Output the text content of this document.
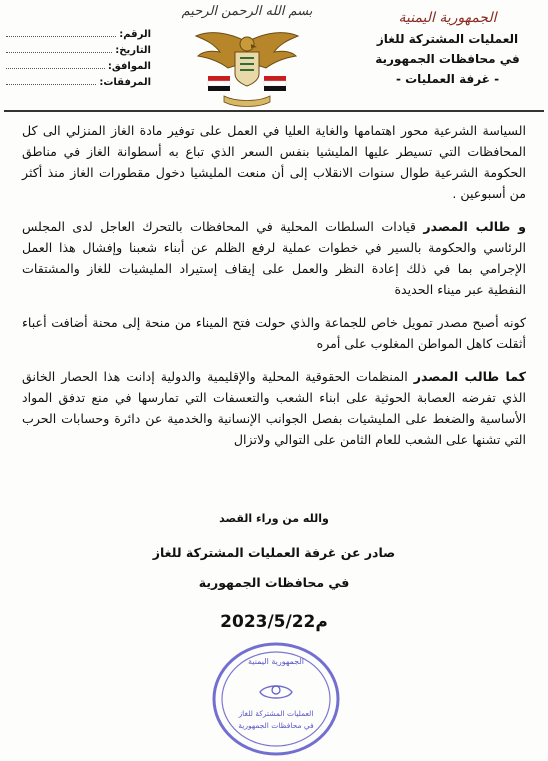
الجمهورية اليمنية
العمليات المشتركة للغاز
في محافظات الجمهورية
- غرفة العمليات -
بسم الله الرحمن الرحيم
الرقم:
التاريخ:
الموافق:
المرفقات:

السياسة الشرعية محور اهتمامها والغاية العليا في العمل على توفير مادة الغاز المنزلي الى كل المحافظات التي تسيطر عليها المليشيا بنفس السعر الذي تباع به أسطوانة الغاز في مناطق الحكومة الشرعية طوال سنوات الانقلاب إلى أن منعت المليشيا دخول مقطورات الغاز منذ أكثر من أسبوعين .

و طالب المصدر قيادات السلطات المحلية في المحافظات بالتحرك العاجل لدى المجلس الرئاسي والحكومة بالسير في خطوات عملية لرفع الظلم عن أبناء شعبنا وإفشال هذا العمل الإجرامي بما في ذلك إعادة النظر والعمل على إيقاف إستيراد المليشيات للغاز والمشتقات النفطية عبر ميناء الحديدة

كونه أصبح مصدر تمويل خاص للجماعة والذي حولت فتح الميناء من منحة إلى محنة أضافت أعباء أثقلت كاهل المواطن المغلوب على أمره

كما طالب المصدر المنظمات الحقوقية المحلية والإقليمية والدولية إدانت هذا الحصار الخانق الذي تفرضه العصابة الحوثية على ابناء الشعب والتعسفات التي تمارسها في منع تدفق المواد الأساسية والضغط على المليشيات بفصل الجوانب الإنسانية والخدمية عن دائرة وحسابات الحرب التي تشنها على الشعب للعام الثامن على التوالي ولاتزال

والله من وراء القصد
صادر عن غرفة العمليات المشتركة للغاز
في محافظات الجمهورية
2023/5/22م
الجمهورية اليمنية
العمليات المشتركة للغاز
في محافظات الجمهورية
